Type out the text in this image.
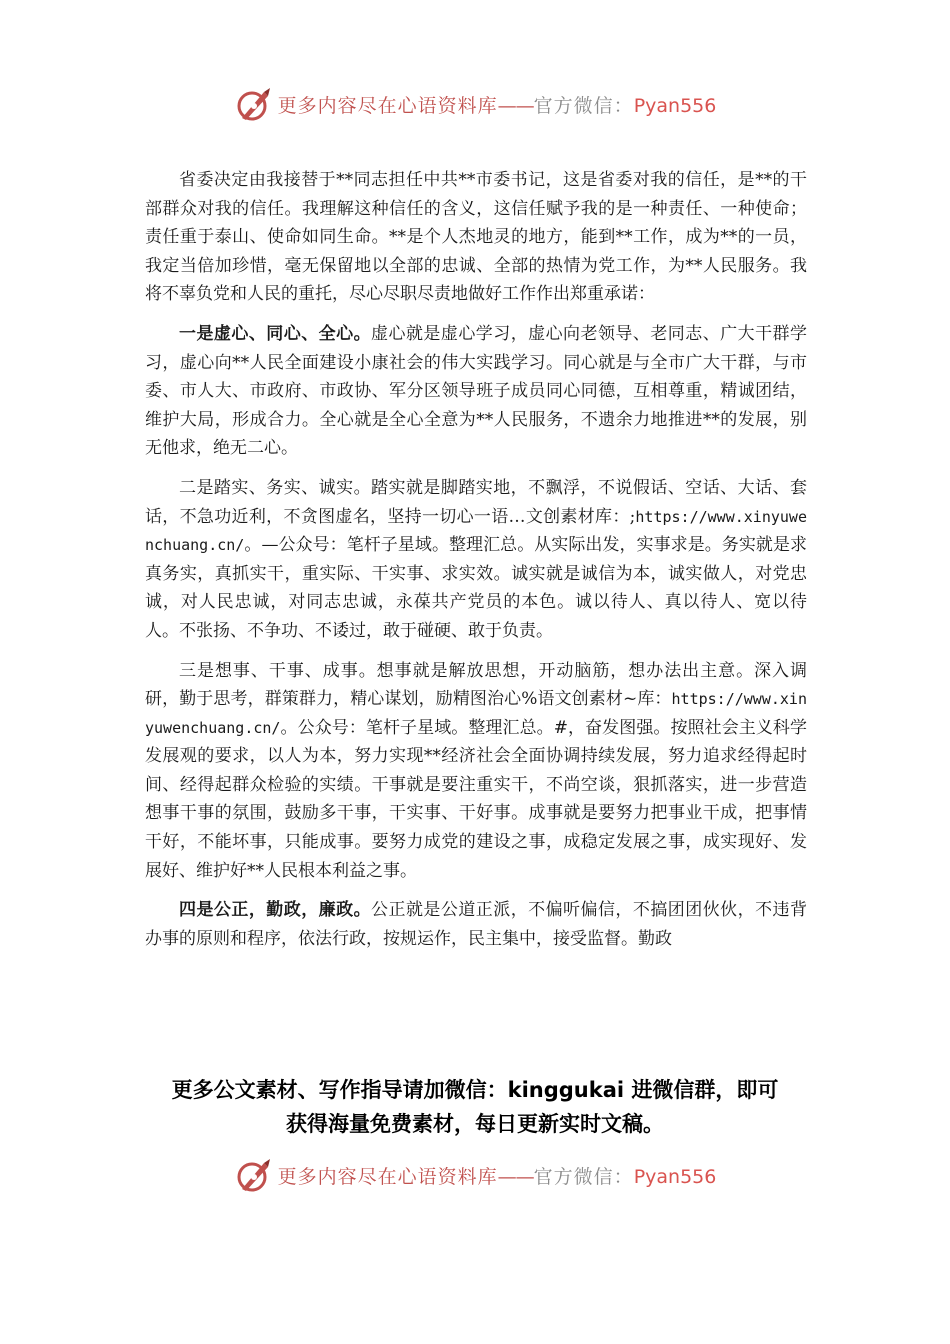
更多内容尽在心语资料库——官方微信：Pyan556

省委决定由我接替于**同志担任中共**市委书记，这是省委对我的信任，是**的干部群众对我的信任。我理解这种信任的含义，这信任赋予我的是一种责任、一种使命；责任重于泰山、使命如同生命。**是个人杰地灵的地方，能到**工作，成为**的一员，我定当倍加珍惜，毫无保留地以全部的忠诚、全部的热情为党工作，为**人民服务。我将不辜负党和人民的重托，尽心尽职尽责地做好工作作出郑重承诺：

一是虚心、同心、全心。虚心就是虚心学习，虚心向老领导、老同志、广大干群学习，虚心向**人民全面建设小康社会的伟大实践学习。同心就是与全市广大干群，与市委、市人大、市政府、市政协、军分区领导班子成员同心同德，互相尊重，精诚团结，维护大局，形成合力。全心就是全心全意为**人民服务，不遗余力地推进**的发展，别无他求，绝无二心。

二是踏实、务实、诚实。踏实就是脚踏实地，不飘浮，不说假话、空话、大话、套话，不急功近利，不贪图虚名，坚持一切心一语…文创素材库：;https://www.xinyuwenchuang.cn/。—公众号：笔杆子星域。整理汇总。从实际出发，实事求是。务实就是求真务实，真抓实干，重实际、干实事、求实效。诚实就是诚信为本，诚实做人，对党忠诚，对人民忠诚，对同志忠诚，永葆共产党员的本色。诚以待人、真以待人、宽以待人。不张扬、不争功、不诿过，敢于碰硬、敢于负责。

三是想事、干事、成事。想事就是解放思想，开动脑筋，想办法出主意。深入调研，勤于思考，群策群力，精心谋划，励精图治心%语文创素材~库：https://www.xinyuwenchuang.cn/。公众号：笔杆子星域。整理汇总。#，奋发图强。按照社会主义科学发展观的要求，以人为本，努力实现**经济社会全面协调持续发展，努力追求经得起时间、经得起群众检验的实绩。干事就是要注重实干，不尚空谈，狠抓落实，进一步营造想事干事的氛围，鼓励多干事，干实事、干好事。成事就是要努力把事业干成，把事情干好，不能坏事，只能成事。要努力成党的建设之事，成稳定发展之事，成实现好、发展好、维护好**人民根本利益之事。

四是公正，勤政，廉政。公正就是公道正派，不偏听偏信，不搞团团伙伙，不违背办事的原则和程序，依法行政，按规运作，民主集中，接受监督。勤政

更多公文素材、写作指导请加微信：kinggukai 进微信群，即可
获得海量免费素材，每日更新实时文稿。
更多内容尽在心语资料库——官方微信：Pyan556
